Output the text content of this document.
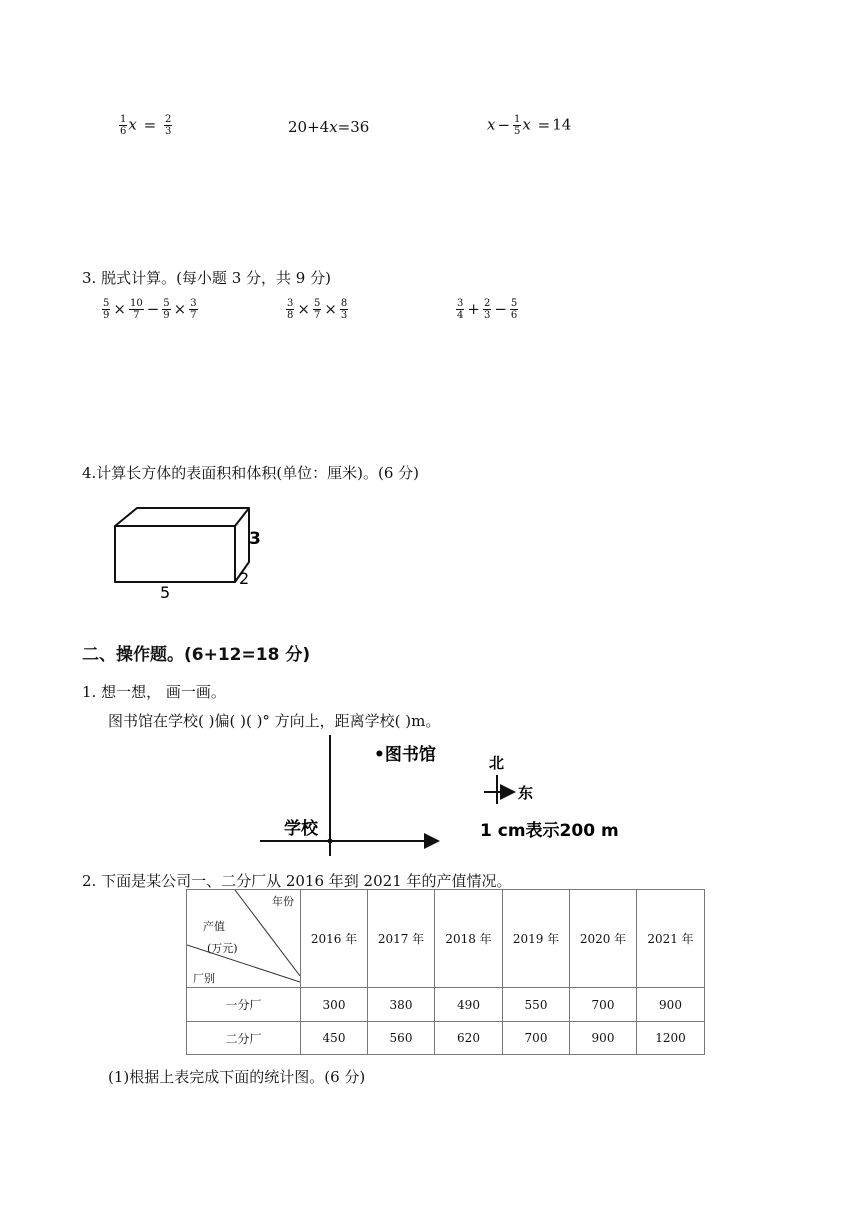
$\frac{1}{6}$ $x = \frac{2}{3}$	20+4x=36	$x - \frac{1}{5}$ x = 14
3. 脱式计算。(每小题 3 分，共 9 分)
$\frac{5}{9} \times \frac{10}{7} - \frac{5}{9} \times \frac{3}{7}$	$\frac{3}{8} \times \frac{5}{7} \times \frac{8}{3}$	$\frac{3}{4} + \frac{2}{3} - \frac{5}{6}$
4.计算长方体的表面积和体积(单位：厘米)。(6 分)
3
2
5
二、操作题。(6+12=18 分)
1. 想一想， 画一画。
图书馆在学校( )偏( )( )° 方向上，距离学校( )m。
•图书馆
学校
北
东
1 cm表示200 m
2. 下面是某公司一、二分厂从 2016 年到 2021 年的产值情况。
年份
产值
(万元)
厂别	2016 年	2017 年	2018 年	2019 年	2020 年	2021 年
一分厂	300	380	490	550	700	900
二分厂	450	560	620	700	900	1200
(1)根据上表完成下面的统计图。(6 分)
